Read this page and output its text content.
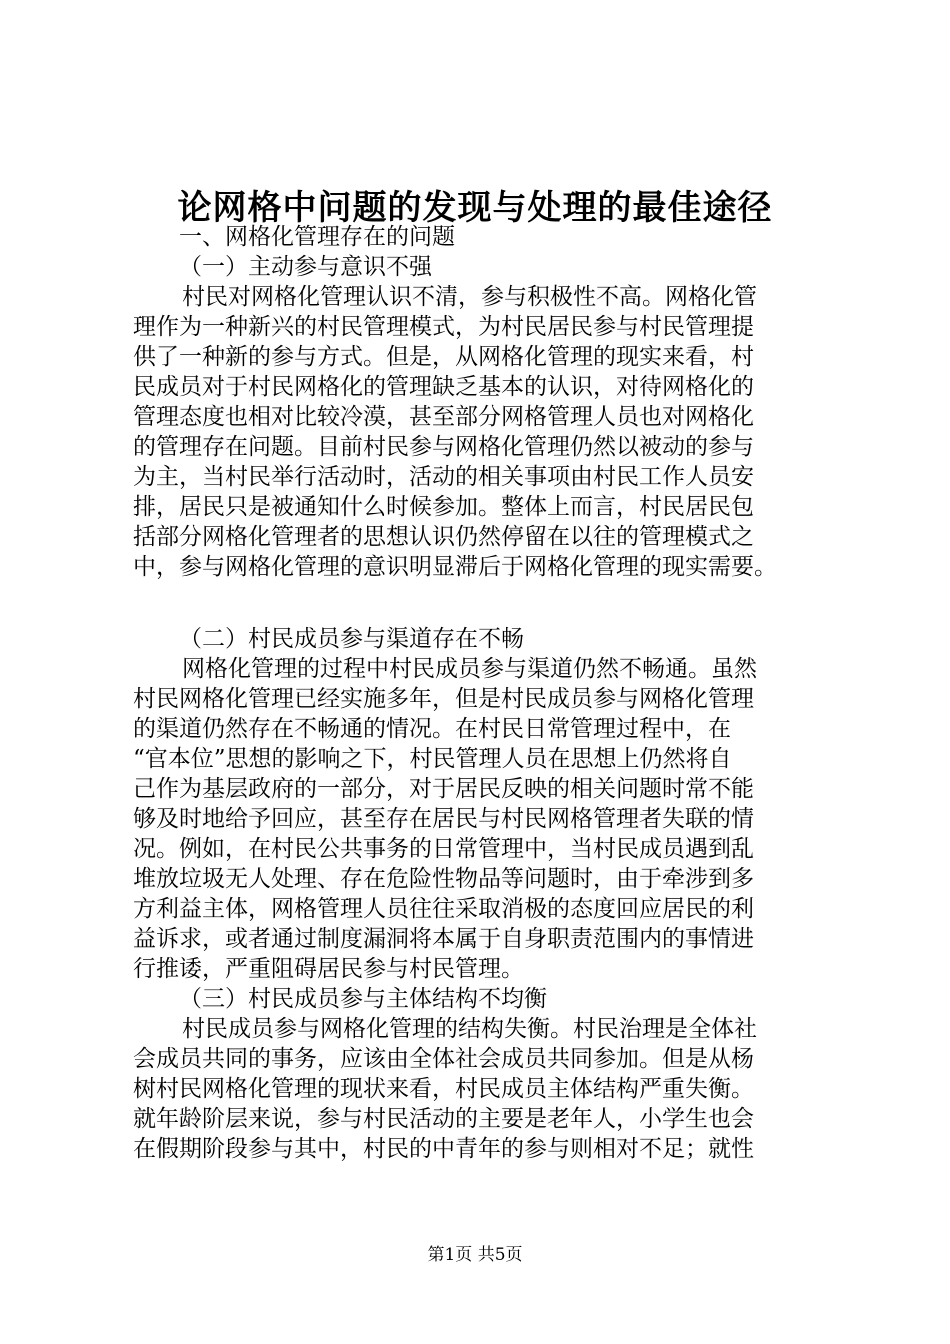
论网格中问题的发现与处理的最佳途径
一、网格化管理存在的问题
（一）主动参与意识不强
村民对网格化管理认识不清，参与积极性不高。网格化管
理作为一种新兴的村民管理模式，为村民居民参与村民管理提
供了一种新的参与方式。但是，从网格化管理的现实来看，村
民成员对于村民网格化的管理缺乏基本的认识，对待网格化的
管理态度也相对比较冷漠，甚至部分网格管理人员也对网格化
的管理存在问题。目前村民参与网格化管理仍然以被动的参与
为主，当村民举行活动时，活动的相关事项由村民工作人员安
排，居民只是被通知什么时候参加。整体上而言，村民居民包
括部分网格化管理者的思想认识仍然停留在以往的管理模式之
中，参与网格化管理的意识明显滞后于网格化管理的现实需要。
（二）村民成员参与渠道存在不畅
网格化管理的过程中村民成员参与渠道仍然不畅通。虽然
村民网格化管理已经实施多年，但是村民成员参与网格化管理
的渠道仍然存在不畅通的情况。在村民日常管理过程中，在
“官本位”思想的影响之下，村民管理人员在思想上仍然将自
己作为基层政府的一部分，对于居民反映的相关问题时常不能
够及时地给予回应，甚至存在居民与村民网格管理者失联的情
况。例如，在村民公共事务的日常管理中，当村民成员遇到乱
堆放垃圾无人处理、存在危险性物品等问题时，由于牵涉到多
方利益主体，网格管理人员往往采取消极的态度回应居民的利
益诉求，或者通过制度漏洞将本属于自身职责范围内的事情进
行推诿，严重阻碍居民参与村民管理。
（三）村民成员参与主体结构不均衡
村民成员参与网格化管理的结构失衡。村民治理是全体社
会成员共同的事务，应该由全体社会成员共同参加。但是从杨
树村民网格化管理的现状来看，村民成员主体结构严重失衡。
就年龄阶层来说，参与村民活动的主要是老年人，小学生也会
在假期阶段参与其中，村民的中青年的参与则相对不足；就性
第1页 共5页
